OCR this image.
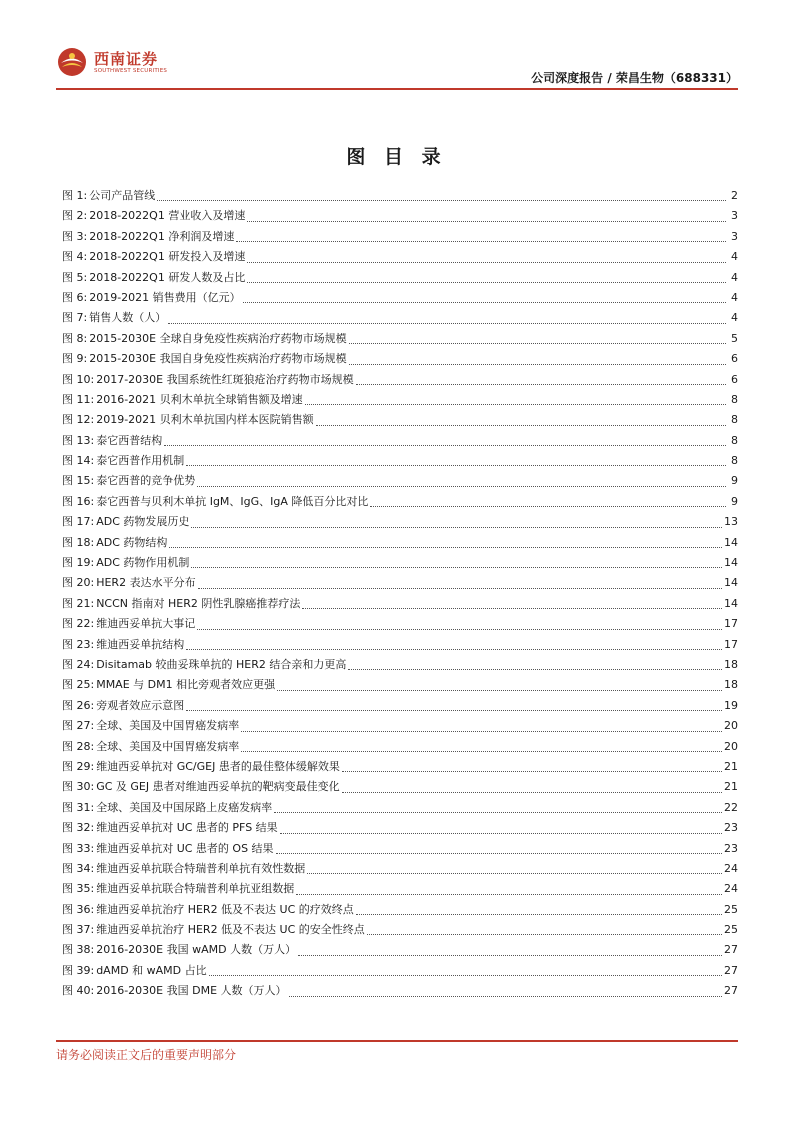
西南证券
SOUTHWEST SECURITIES	公司深度报告 / 荣昌生物（688331）
图 目 录
图 1: 公司产品管线	2
图 2: 2018-2022Q1 营业收入及增速	3
图 3: 2018-2022Q1 净利润及增速	3
图 4: 2018-2022Q1 研发投入及增速	4
图 5: 2018-2022Q1 研发人数及占比	4
图 6: 2019-2021 销售费用（亿元）	4
图 7: 销售人数（人）	4
图 8: 2015-2030E 全球自身免疫性疾病治疗药物市场规模	5
图 9: 2015-2030E 我国自身免疫性疾病治疗药物市场规模	6
图 10: 2017-2030E 我国系统性红斑狼疮治疗药物市场规模	6
图 11: 2016-2021 贝利木单抗全球销售额及增速	8
图 12: 2019-2021 贝利木单抗国内样本医院销售额	8
图 13: 泰它西普结构	8
图 14: 泰它西普作用机制	8
图 15: 泰它西普的竞争优势	9
图 16: 泰它西普与贝利木单抗 IgM、IgG、IgA 降低百分比对比	9
图 17: ADC 药物发展历史	13
图 18: ADC 药物结构	14
图 19: ADC 药物作用机制	14
图 20: HER2 表达水平分布	14
图 21: NCCN 指南对 HER2 阴性乳腺癌推荐疗法	14
图 22: 维迪西妥单抗大事记	17
图 23: 维迪西妥单抗结构	17
图 24: Disitamab 较曲妥珠单抗的 HER2 结合亲和力更高	18
图 25: MMAE 与 DM1 相比旁观者效应更强	18
图 26: 旁观者效应示意图	19
图 27: 全球、美国及中国胃癌发病率	20
图 28: 全球、美国及中国胃癌发病率	20
图 29: 维迪西妥单抗对 GC/GEJ 患者的最佳整体缓解效果	21
图 30: GC 及 GEJ 患者对维迪西妥单抗的靶病变最佳变化	21
图 31: 全球、美国及中国尿路上皮癌发病率	22
图 32: 维迪西妥单抗对 UC 患者的 PFS 结果	23
图 33: 维迪西妥单抗对 UC 患者的 OS 结果	23
图 34: 维迪西妥单抗联合特瑞普利单抗有效性数据	24
图 35: 维迪西妥单抗联合特瑞普利单抗亚组数据	24
图 36: 维迪西妥单抗治疗 HER2 低及不表达 UC 的疗效终点	25
图 37: 维迪西妥单抗治疗 HER2 低及不表达 UC 的安全性终点	25
图 38: 2016-2030E 我国 wAMD 人数（万人）	27
图 39: dAMD 和 wAMD 占比	27
图 40: 2016-2030E 我国 DME 人数（万人）	27
请务必阅读正文后的重要声明部分
